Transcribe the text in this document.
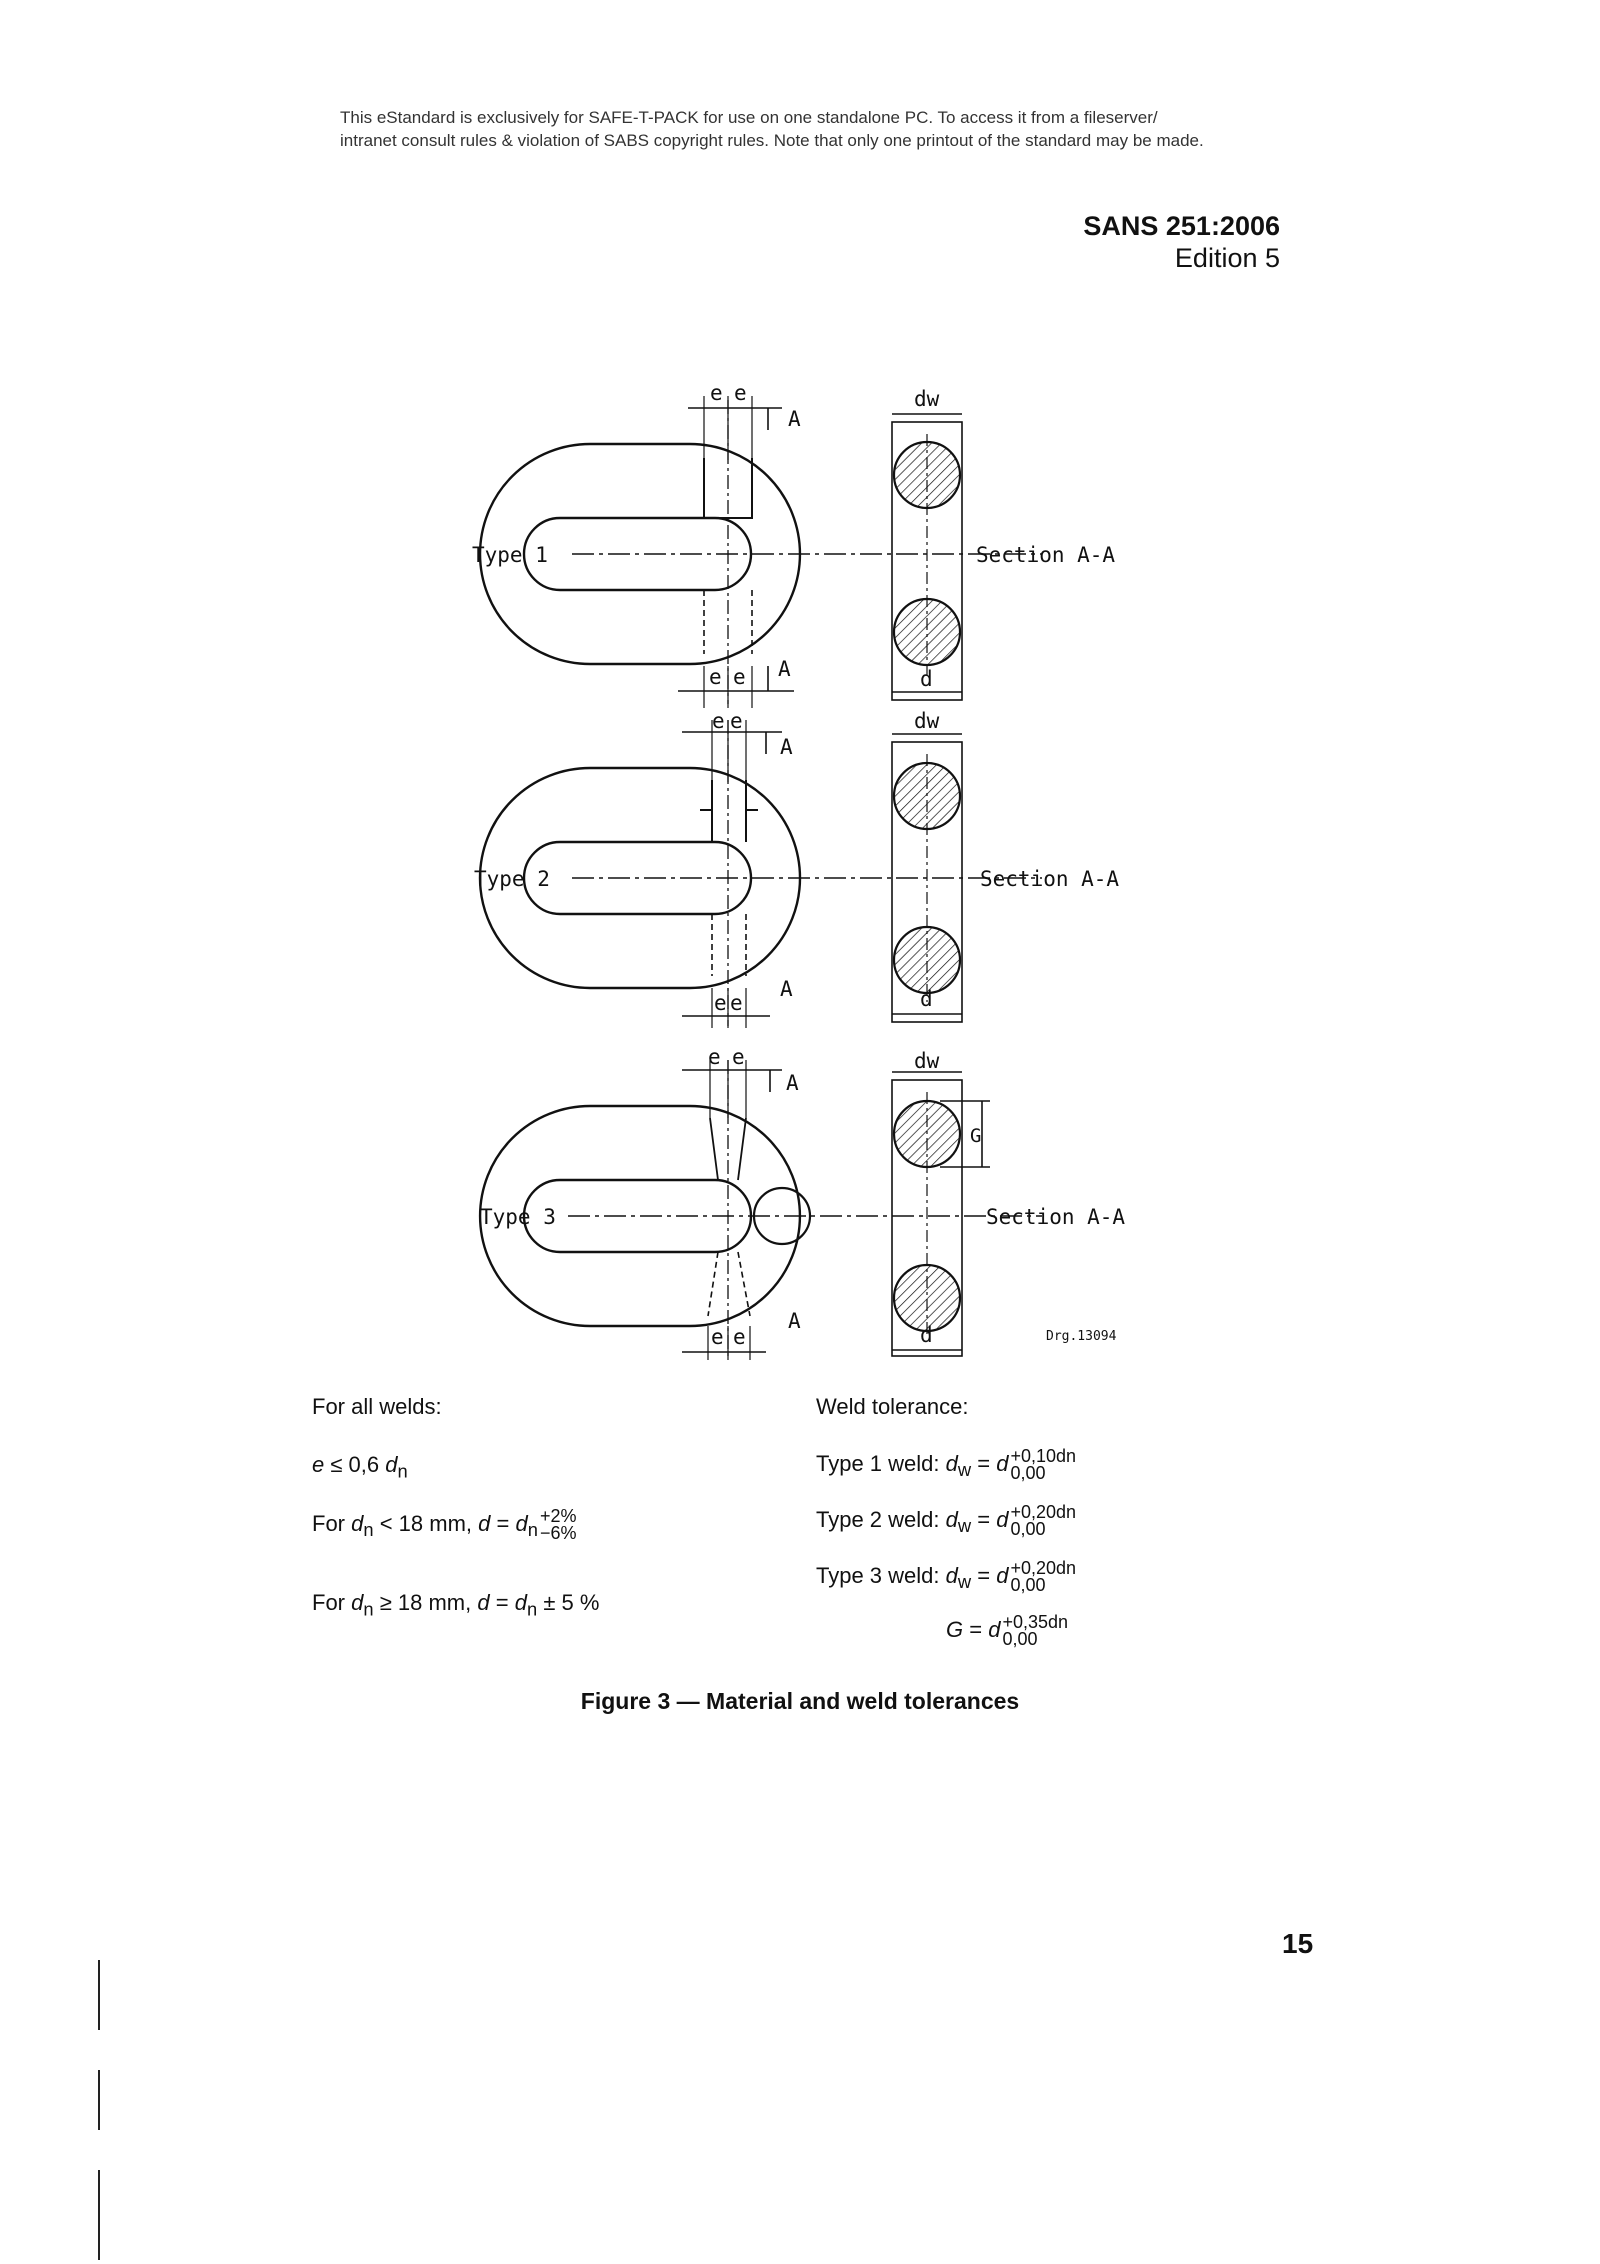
This eStandard is exclusively for SAFE-T-PACK for use on one standalone PC. To access it from a fileserver/
intranet consult rules & violation of SABS copyright rules. Note that only one printout of the standard may be made.
SANS 251:2006
Edition 5
Type 1	Section A-A
e e
A
e e A
dw
d
Type 2	Section A-A
e e
A
e e
A
dw
d
Type 3	Section A-A
G
e e
A
e e
A
dw
d	Drg.13094
For all welds:
e ≤ 0,6 $d_n$
For $d_n < 18$ mm, $d = d_n$
+2%
−6%
For $d_n \ge 18$ mm, $d = d_n \pm 5$ %
Weld tolerance:
Type 1 weld: $d_w = d +0,10dn$
0,00
Type 2 weld: $d_w = d +0,20dn$
0,00
Type 3 weld: $d_w = d +0,20dn$
0,00
G = d +0,35dn
0,00
Figure 3 — Material and weld tolerances
15
